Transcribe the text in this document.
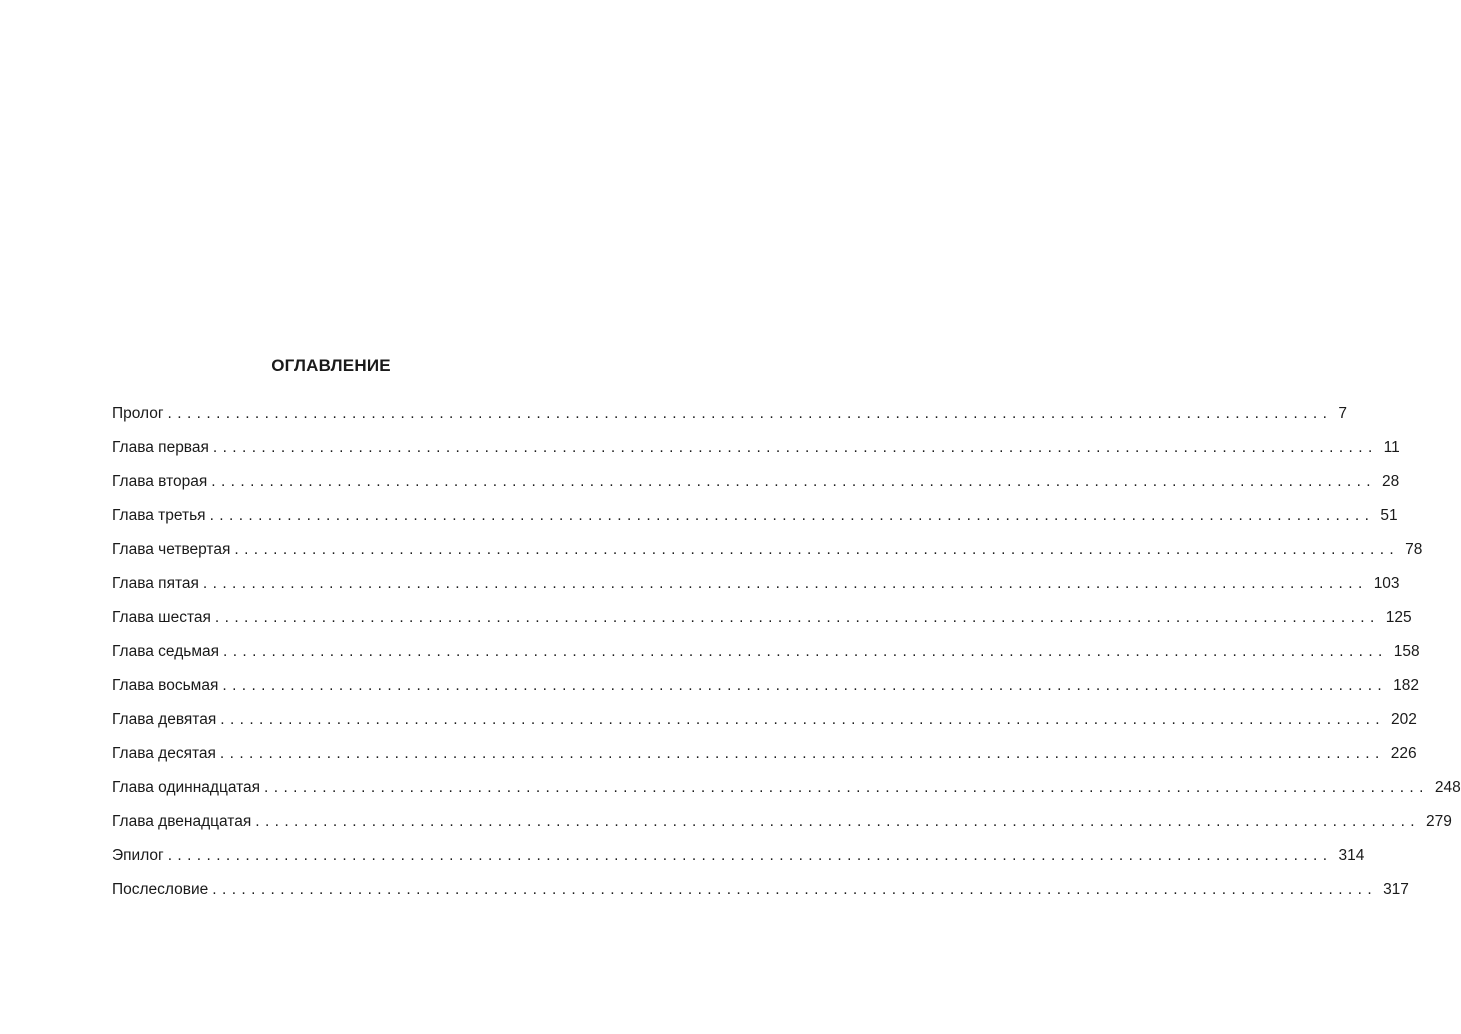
ОГЛАВЛЕНИЕ
Пролог ........................................................................................................................ 7
Глава первая ........................................................................................................................ 11
Глава вторая ........................................................................................................................ 28
Глава третья ........................................................................................................................ 51
Глава четвертая ........................................................................................................................ 78
Глава пятая ........................................................................................................................ 103
Глава шестая ........................................................................................................................ 125
Глава седьмая ........................................................................................................................ 158
Глава восьмая ........................................................................................................................ 182
Глава девятая ........................................................................................................................ 202
Глава десятая ........................................................................................................................ 226
Глава одиннадцатая ........................................................................................................................ 248
Глава двенадцатая ........................................................................................................................ 279
Эпилог ........................................................................................................................ 314
Послесловие ........................................................................................................................ 317
